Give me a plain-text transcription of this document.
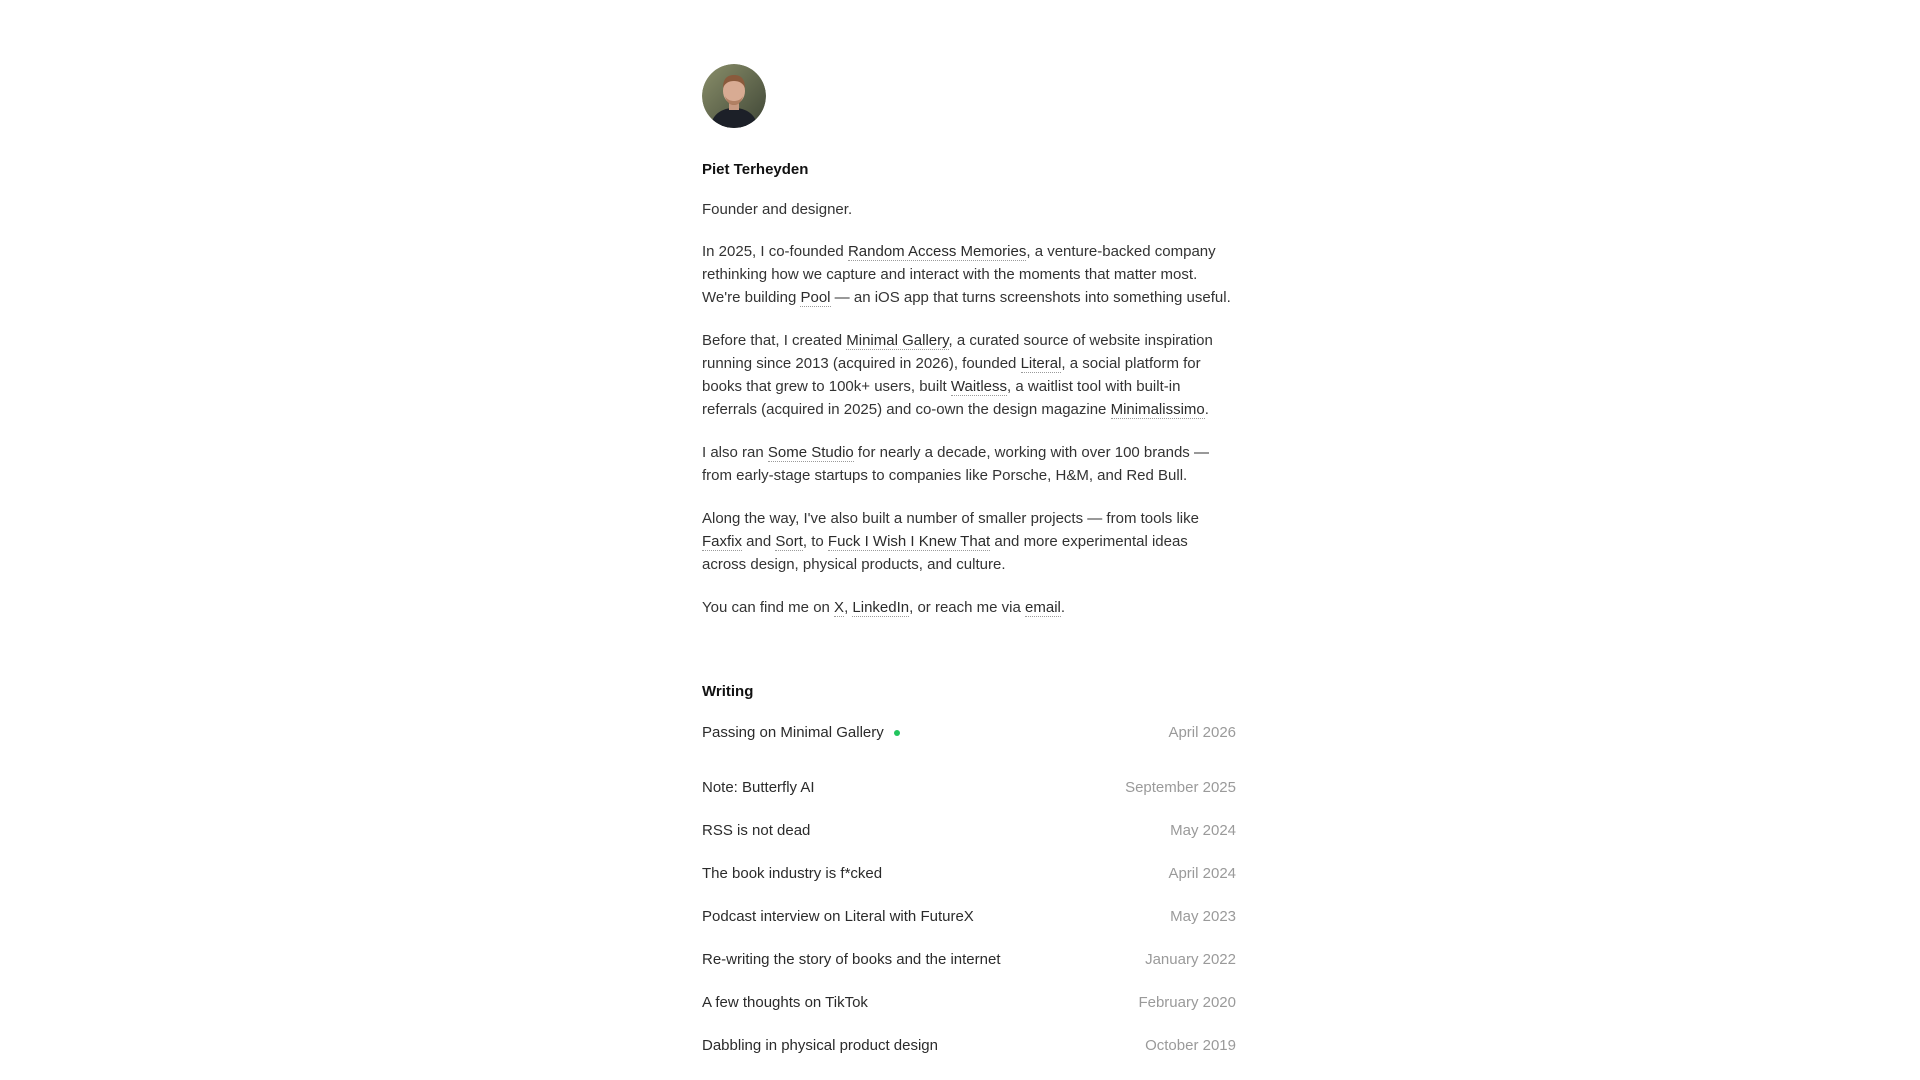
Piet Terheyden

Founder and designer.

In 2025, I co-founded Random Access Memories, a venture-backed company rethinking how we capture and interact with the moments that matter most. We're building Pool — an iOS app that turns screenshots into something useful.

Before that, I created Minimal Gallery, a curated source of website inspiration running since 2013 (acquired in 2026), founded Literal, a social platform for books that grew to 100k+ users, built Waitless, a waitlist tool with built-in referrals (acquired in 2025) and co-own the design magazine Minimalissimo.

I also ran Some Studio for nearly a decade, working with over 100 brands — from early-stage startups to companies like Porsche, H&M, and Red Bull.

Along the way, I've also built a number of smaller projects — from tools like Faxfix and Sort, to Fuck I Wish I Knew That and more experimental ideas across design, physical products, and culture.

You can find me on X, LinkedIn, or reach me via email.

Writing
Passing on Minimal Gallery	April 2026
Note: Butterfly AI	September 2025
RSS is not dead	May 2024
The book industry is f*cked	April 2024
Podcast interview on Literal with FutureX	May 2023
Re-writing the story of books and the internet	January 2022
A few thoughts on TikTok	February 2020
Dabbling in physical product design	October 2019
